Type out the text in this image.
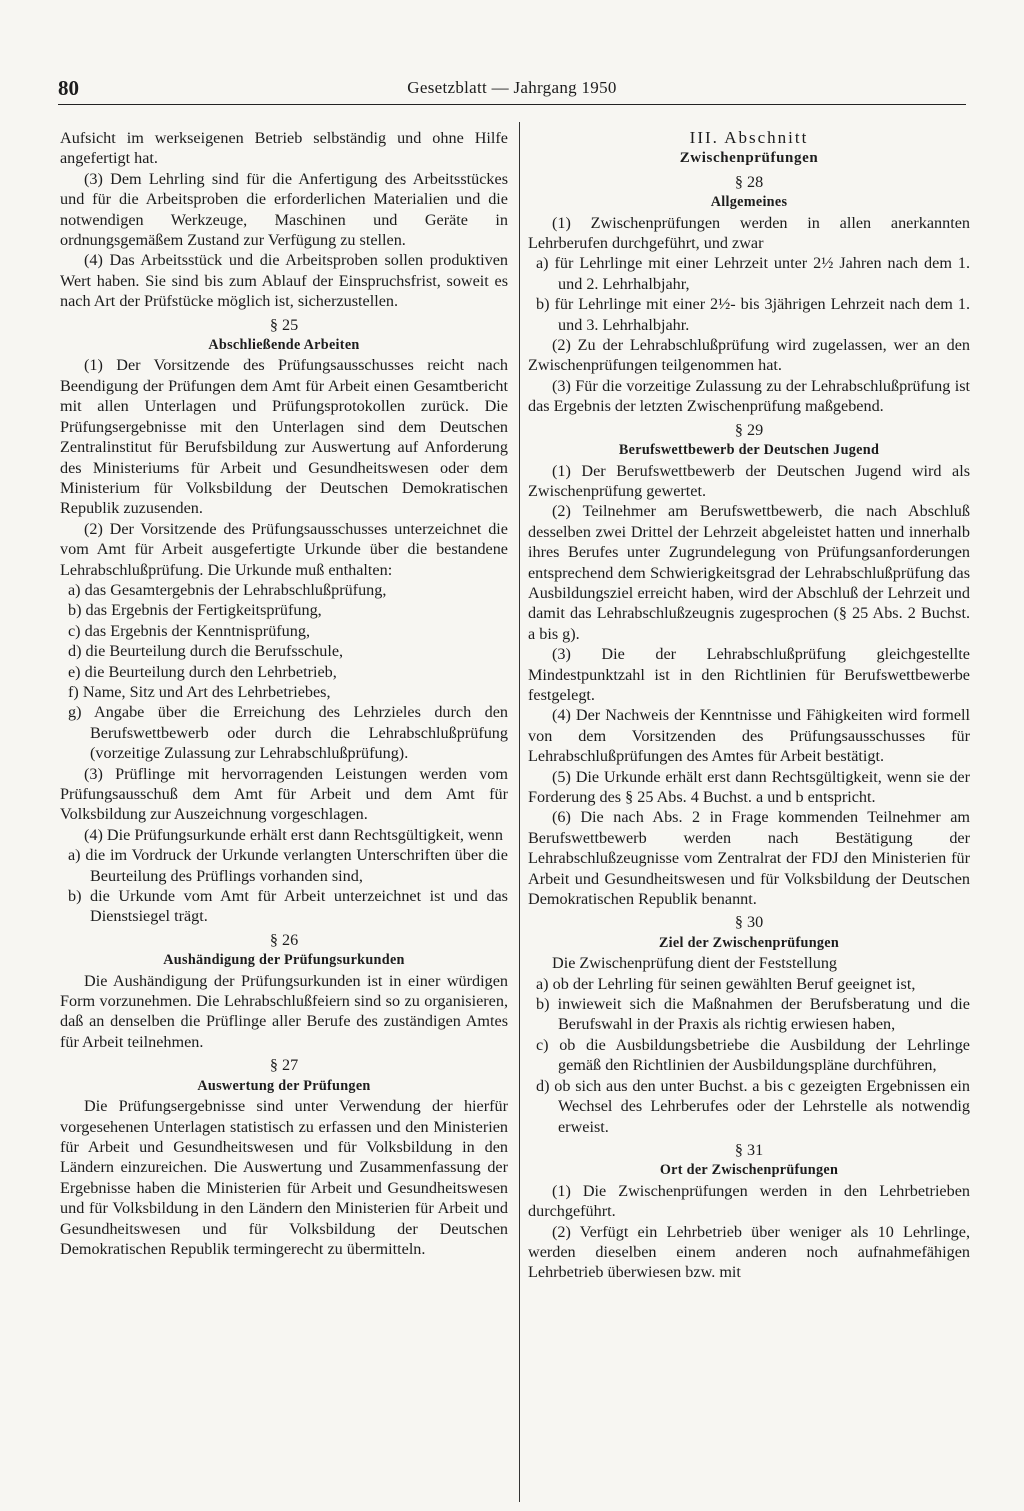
80	Gesetzblatt — Jahrgang 1950

Aufsicht im werkseigenen Betrieb selbständig und ohne Hilfe angefertigt hat.

(3) Dem Lehrling sind für die Anfertigung des Arbeitsstückes und für die Arbeitsproben die erforderlichen Materialien und die notwendigen Werkzeuge, Maschinen und Geräte in ordnungsgemäßem Zustand zur Verfügung zu stellen.

(4) Das Arbeitsstück und die Arbeitsproben sollen produktiven Wert haben. Sie sind bis zum Ablauf der Einspruchsfrist, soweit es nach Art der Prüfstücke möglich ist, sicherzustellen.

§ 25
Abschließende Arbeiten

(1) Der Vorsitzende des Prüfungsausschusses reicht nach Beendigung der Prüfungen dem Amt für Arbeit einen Gesamtbericht mit allen Unterlagen und Prüfungsprotokollen zurück. Die Prüfungsergebnisse mit den Unterlagen sind dem Deutschen Zentralinstitut für Berufsbildung zur Auswertung auf Anforderung des Ministeriums für Arbeit und Gesundheitswesen oder dem Ministerium für Volksbildung der Deutschen Demokratischen Republik zuzusenden.

(2) Der Vorsitzende des Prüfungsausschusses unterzeichnet die vom Amt für Arbeit ausgefertigte Urkunde über die bestandene Lehrabschlußprüfung. Die Urkunde muß enthalten:

a) das Gesamtergebnis der Lehrabschlußprüfung,
b) das Ergebnis der Fertigkeitsprüfung,
c) das Ergebnis der Kenntnisprüfung,
d) die Beurteilung durch die Berufsschule,
e) die Beurteilung durch den Lehrbetrieb,
f) Name, Sitz und Art des Lehrbetriebes,
g) Angabe über die Erreichung des Lehrzieles durch den Berufswettbewerb oder durch die Lehrabschlußprüfung (vorzeitige Zulassung zur Lehrabschlußprüfung).

(3) Prüflinge mit hervorragenden Leistungen werden vom Prüfungsausschuß dem Amt für Arbeit und dem Amt für Volksbildung zur Auszeichnung vorgeschlagen.

(4) Die Prüfungsurkunde erhält erst dann Rechtsgültigkeit, wenn

a) die im Vordruck der Urkunde verlangten Unterschriften über die Beurteilung des Prüflings vorhanden sind,
b) die Urkunde vom Amt für Arbeit unterzeichnet ist und das Dienstsiegel trägt.
§ 26
Aushändigung der Prüfungsurkunden

Die Aushändigung der Prüfungsurkunden ist in einer würdigen Form vorzunehmen. Die Lehrabschlußfeiern sind so zu organisieren, daß an denselben die Prüflinge aller Berufe des zuständigen Amtes für Arbeit teilnehmen.

§ 27
Auswertung der Prüfungen

Die Prüfungsergebnisse sind unter Verwendung der hierfür vorgesehenen Unterlagen statistisch zu erfassen und den Ministerien für Arbeit und Gesundheitswesen und für Volksbildung in den Ländern einzureichen. Die Auswertung und Zusammenfassung der Ergebnisse haben die Ministerien für Arbeit und Gesundheitswesen und für Volksbildung in den Ländern den Ministerien für Arbeit und Gesundheitswesen und für Volksbildung der Deutschen Demokratischen Republik termingerecht zu übermitteln.

III. Abschnitt
Zwischenprüfungen
§ 28
Allgemeines

(1) Zwischenprüfungen werden in allen anerkannten Lehrberufen durchgeführt, und zwar

a) für Lehrlinge mit einer Lehrzeit unter 2½ Jahren nach dem 1. und 2. Lehrhalbjahr,
b) für Lehrlinge mit einer 2½- bis 3jährigen Lehrzeit nach dem 1. und 3. Lehrhalbjahr.

(2) Zu der Lehrabschlußprüfung wird zugelassen, wer an den Zwischenprüfungen teilgenommen hat.

(3) Für die vorzeitige Zulassung zu der Lehrabschlußprüfung ist das Ergebnis der letzten Zwischenprüfung maßgebend.

§ 29
Berufswettbewerb der Deutschen Jugend

(1) Der Berufswettbewerb der Deutschen Jugend wird als Zwischenprüfung gewertet.

(2) Teilnehmer am Berufswettbewerb, die nach Abschluß desselben zwei Drittel der Lehrzeit abgeleistet hatten und innerhalb ihres Berufes unter Zugrundelegung von Prüfungsanforderungen entsprechend dem Schwierigkeitsgrad der Lehrabschlußprüfung das Ausbildungsziel erreicht haben, wird der Abschluß der Lehrzeit und damit das Lehrabschlußzeugnis zugesprochen (§ 25 Abs. 2 Buchst. a bis g).

(3) Die der Lehrabschlußprüfung gleichgestellte Mindestpunktzahl ist in den Richtlinien für Berufswettbewerbe festgelegt.

(4) Der Nachweis der Kenntnisse und Fähigkeiten wird formell von dem Vorsitzenden des Prüfungsausschusses für Lehrabschlußprüfungen des Amtes für Arbeit bestätigt.

(5) Die Urkunde erhält erst dann Rechtsgültigkeit, wenn sie der Forderung des § 25 Abs. 4 Buchst. a und b entspricht.

(6) Die nach Abs. 2 in Frage kommenden Teilnehmer am Berufswettbewerb werden nach Bestätigung der Lehrabschlußzeugnisse vom Zentralrat der FDJ den Ministerien für Arbeit und Gesundheitswesen und für Volksbildung der Deutschen Demokratischen Republik benannt.

§ 30
Ziel der Zwischenprüfungen

Die Zwischenprüfung dient der Feststellung

a) ob der Lehrling für seinen gewählten Beruf geeignet ist,
b) inwieweit sich die Maßnahmen der Berufsberatung und die Berufswahl in der Praxis als richtig erwiesen haben,
c) ob die Ausbildungsbetriebe die Ausbildung der Lehrlinge gemäß den Richtlinien der Ausbildungspläne durchführen,
d) ob sich aus den unter Buchst. a bis c gezeigten Ergebnissen ein Wechsel des Lehrberufes oder der Lehrstelle als notwendig erweist.
§ 31
Ort der Zwischenprüfungen

(1) Die Zwischenprüfungen werden in den Lehrbetrieben durchgeführt.

(2) Verfügt ein Lehrbetrieb über weniger als 10 Lehrlinge, werden dieselben einem anderen noch aufnahmefähigen Lehrbetrieb überwiesen bzw. mit
